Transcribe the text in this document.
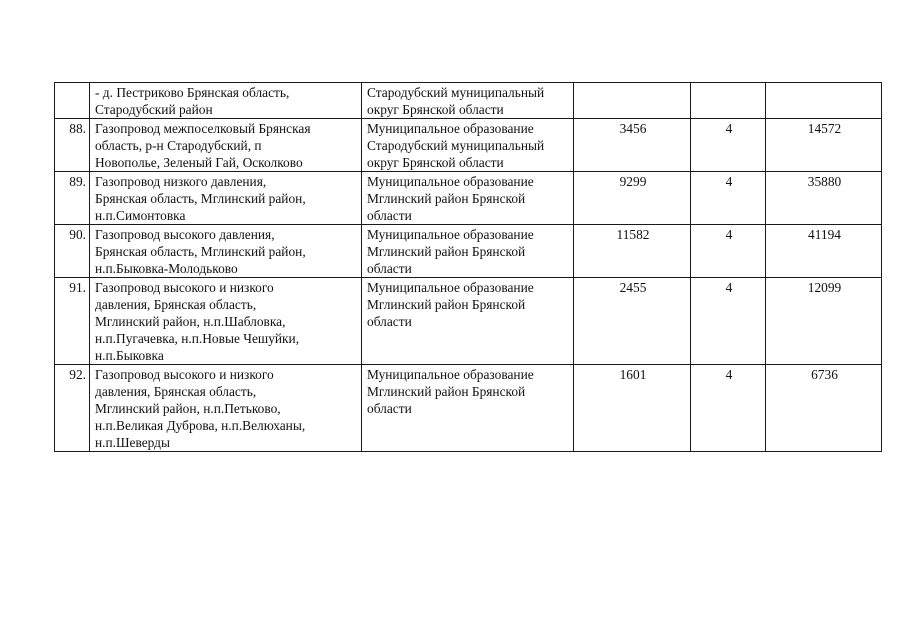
	- д. Пестриково Брянская область,
Стародубский район	Стародубский муниципальный
округ Брянской области			
88.	Газопровод межпоселковый Брянская
область, р-н Стародубский, п
Новополье, Зеленый Гай, Осколково	Муниципальное образование
Стародубский муниципальный
округ Брянской области	3456	4	14572
89.	Газопровод низкого давления,
Брянская область, Мглинский район,
н.п.Симонтовка	Муниципальное образование
Мглинский район Брянской
области	9299	4	35880
90.	Газопровод высокого давления,
Брянская область, Мглинский район,
н.п.Быковка-Молодьково	Муниципальное образование
Мглинский район Брянской
области	11582	4	41194
91.	Газопровод высокого и низкого
давления, Брянская область,
Мглинский район, н.п.Шабловка,
н.п.Пугачевка, н.п.Новые Чешуйки,
н.п.Быковка	Муниципальное образование
Мглинский район Брянской
области	2455	4	12099
92.	Газопровод высокого и низкого
давления, Брянская область,
Мглинский район, н.п.Петьково,
н.п.Великая Дуброва, н.п.Велюханы,
н.п.Шеверды	Муниципальное образование
Мглинский район Брянской
области	1601	4	6736
